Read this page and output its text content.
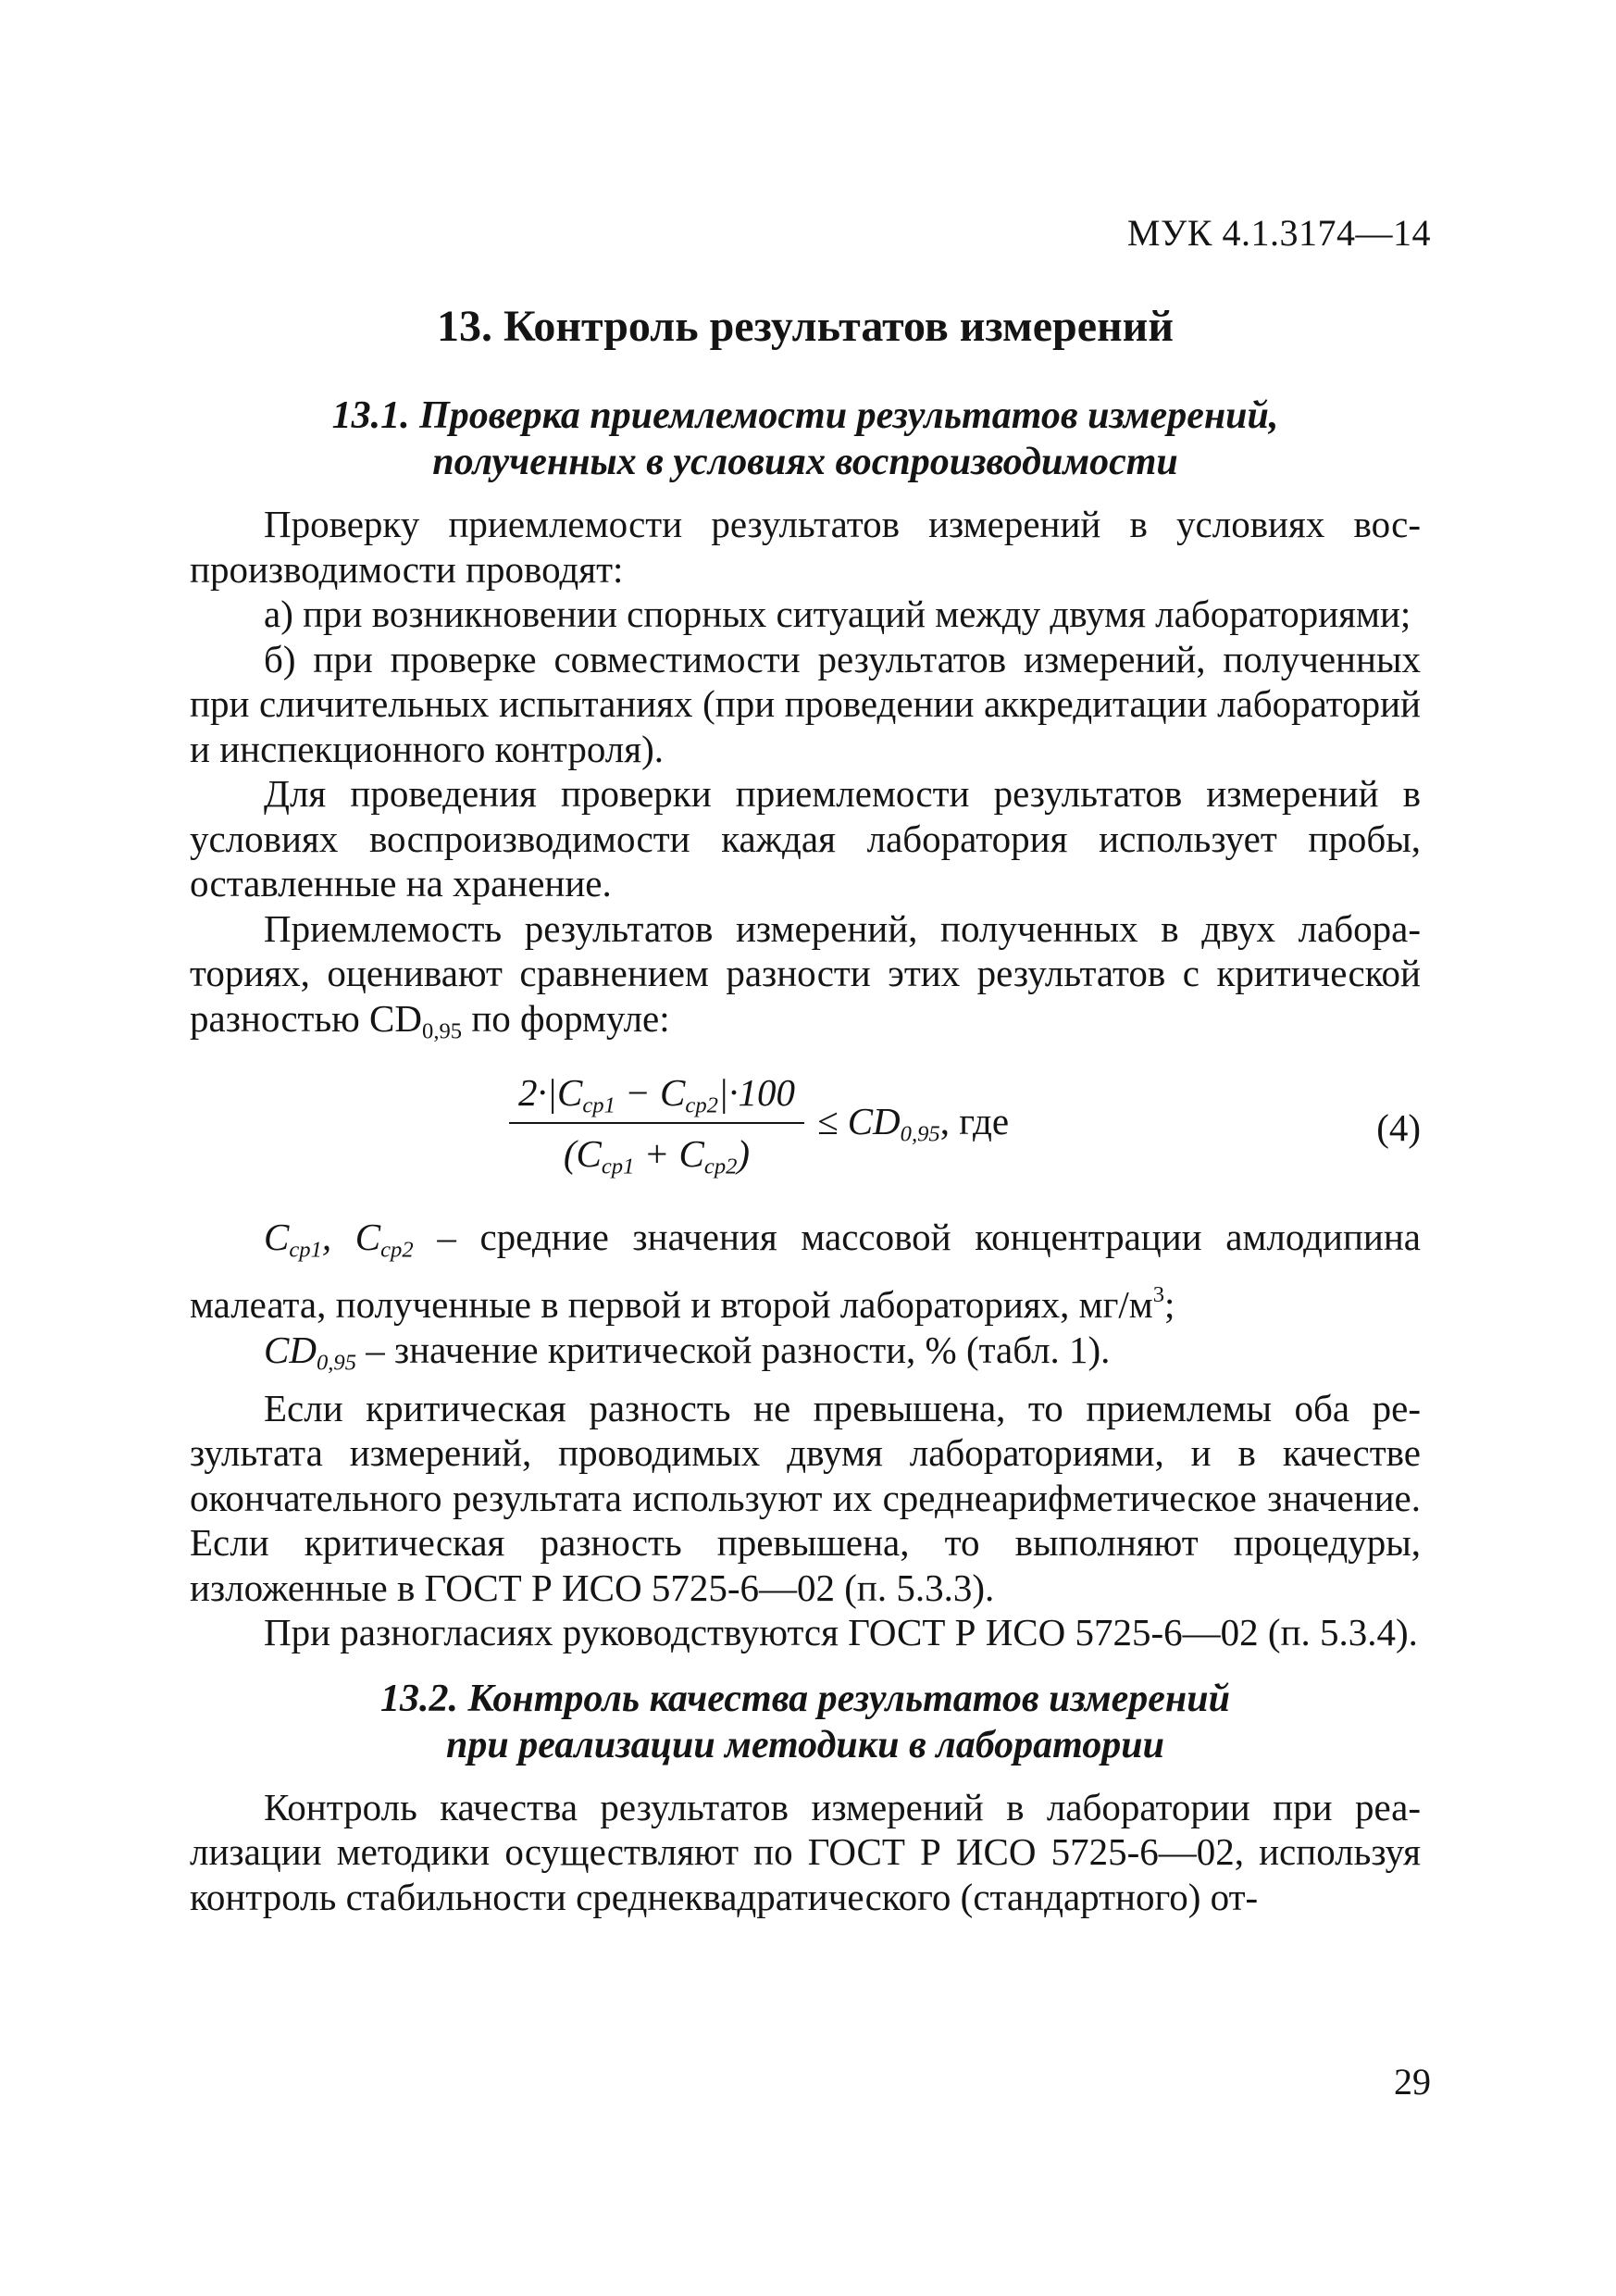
МУК 4.1.3174—14
13. Контроль результатов измерений
13.1. Проверка приемлемости результатов измерений,
полученных в условиях воспроизводимости

Проверку приемлемости результатов измерений в условиях воспроизводимости проводят:

а) при возникновении спорных ситуаций между двумя лабораториями;

б) при проверке совместимости результатов измерений, полученных при сличительных испытаниях (при проведении аккредитации лабораторий и инспекционного контроля).

Для проведения проверки приемлемости результатов измерений в условиях воспроизводимости каждая лаборатория использует пробы, оставленные на хранение.

Приемлемость результатов измерений, полученных в двух лабораториях, оценивают сравнением разности этих результатов с критической разностью $CD_{0,95}$ по формуле:

$\frac{2\cdot|C_{ср1} - C_{ср2}|\cdot 100}{(C_{ср1} + C_{ср2})} \le CD_{0,95}$, где	(4)

$C_{ср1}$, $C_{ср2}$ – средние значения массовой концентрации амлодипина малеата, полученные в первой и второй лабораториях, $мг/м^3$;

$CD_{0,95}$ – значение критической разности, % (табл. 1).

Если критическая разность не превышена, то приемлемы оба результата измерений, проводимых двумя лабораториями, и в качестве окончательного результата используют их среднеарифметическое значение. Если критическая разность превышена, то выполняют процедуры, изложенные в ГОСТ Р ИСО 5725-6—02 (п. 5.3.3).

При разногласиях руководствуются ГОСТ Р ИСО 5725-6—02 (п. 5.3.4).

13.2. Контроль качества результатов измерений
при реализации методики в лаборатории

Контроль качества результатов измерений в лаборатории при реализации методики осуществляют по ГОСТ Р ИСО 5725-6—02, используя контроль стабильности среднеквадратического (стандартного) от-

29
